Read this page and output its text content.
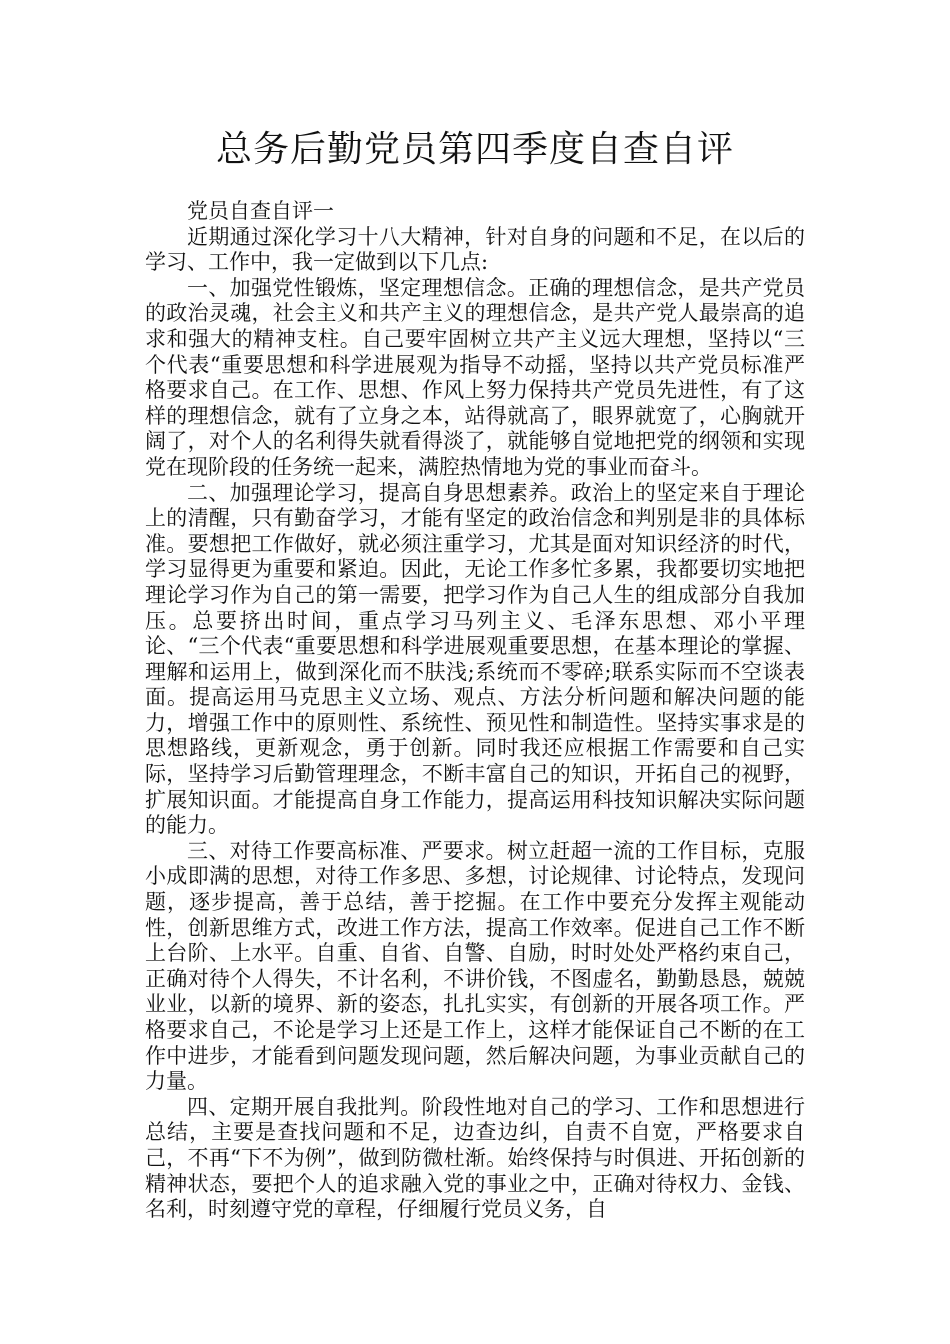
总务后勤党员第四季度自查自评

党员自查自评一

近期通过深化学习十八大精神，针对自身的问题和不足，在以后的学习、工作中，我一定做到以下几点:

一、加强党性锻炼，坚定理想信念。正确的理想信念，是共产党员的政治灵魂，社会主义和共产主义的理想信念，是共产党人最崇高的追求和强大的精神支柱。自己要牢固树立共产主义远大理想，坚持以“三个代表“重要思想和科学进展观为指导不动摇，坚持以共产党员标准严格要求自己。在工作、思想、作风上努力保持共产党员先进性，有了这样的理想信念，就有了立身之本，站得就高了，眼界就宽了，心胸就开阔了，对个人的名利得失就看得淡了，就能够自觉地把党的纲领和实现党在现阶段的任务统一起来，满腔热情地为党的事业而奋斗。

二、加强理论学习，提高自身思想素养。政治上的坚定来自于理论上的清醒，只有勤奋学习，才能有坚定的政治信念和判别是非的具体标准。要想把工作做好，就必须注重学习，尤其是面对知识经济的时代，学习显得更为重要和紧迫。因此，无论工作多忙多累，我都要切实地把理论学习作为自己的第一需要，把学习作为自己人生的组成部分自我加压。总要挤出时间，重点学习马列主义、毛泽东思想、邓小平理论、“三个代表“重要思想和科学进展观重要思想，在基本理论的掌握、理解和运用上，做到深化而不肤浅;系统而不零碎;联系实际而不空谈表面。提高运用马克思主义立场、观点、方法分析问题和解决问题的能力，增强工作中的原则性、系统性、预见性和制造性。坚持实事求是的思想路线，更新观念，勇于创新。同时我还应根据工作需要和自己实际，坚持学习后勤管理理念，不断丰富自己的知识，开拓自己的视野，扩展知识面。才能提高自身工作能力，提高运用科技知识解决实际问题的能力。

三、对待工作要高标准、严要求。树立赶超一流的工作目标，克服小成即满的思想，对待工作多思、多想，讨论规律、讨论特点，发现问题，逐步提高，善于总结，善于挖掘。在工作中要充分发挥主观能动性，创新思维方式，改进工作方法，提高工作效率。促进自己工作不断上台阶、上水平。自重、自省、自警、自励，时时处处严格约束自己，正确对待个人得失，不计名利，不讲价钱，不图虚名，勤勤恳恳，兢兢业业，以新的境界、新的姿态，扎扎实实，有创新的开展各项工作。严格要求自己，不论是学习上还是工作上，这样才能保证自己不断的在工作中进步，才能看到问题发现问题，然后解决问题，为事业贡献自己的力量。

四、定期开展自我批判。阶段性地对自己的学习、工作和思想进行总结，主要是查找问题和不足，边查边纠，自责不自宽，严格要求自己，不再“下不为例”，做到防微杜渐。始终保持与时俱进、开拓创新的精神状态，要把个人的追求融入党的事业之中，正确对待权力、金钱、名利，时刻遵守党的章程，仔细履行党员义务，自
